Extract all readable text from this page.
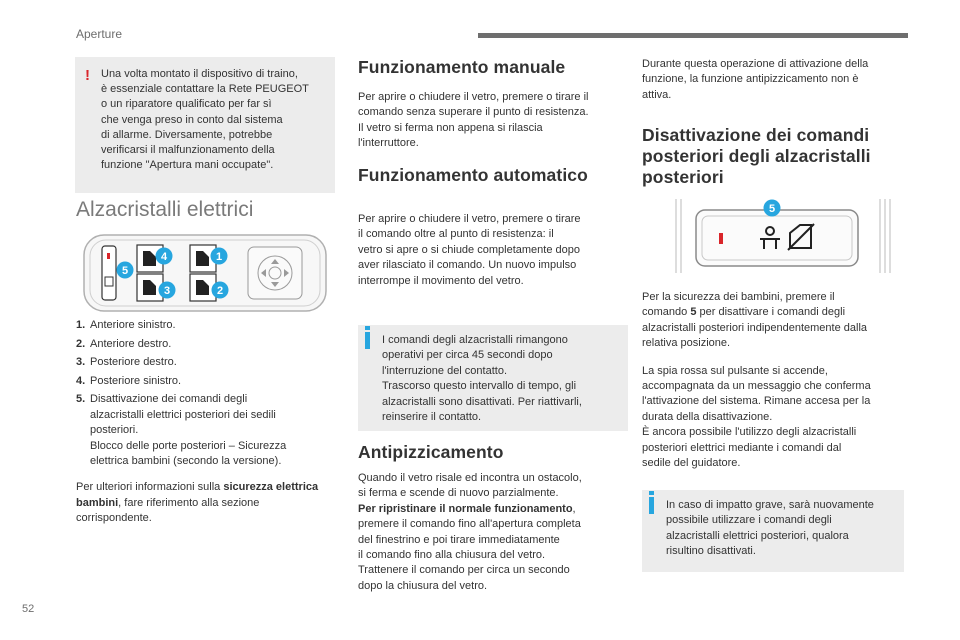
Aperture
! Una volta montato il dispositivo di traino,
è essenziale contattare la Rete PEUGEOT
o un riparatore qualificato per far sì
che venga preso in conto dal sistema
di allarme. Diversamente, potrebbe
verificarsi il malfunzionamento della
funzione "Apertura mani occupate".
Alzacristalli elettrici
5
4
3
1
2
1. Anteriore sinistro.
2. Anteriore destro.
3. Posteriore destro.
4. Posteriore sinistro.
5. Disattivazione dei comandi degli
alzacristalli elettrici posteriori dei sedili
posteriori.
Blocco delle porte posteriori – Sicurezza
elettrica bambini (secondo la versione).
Per ulteriori informazioni sulla sicurezza elettrica bambini, fare riferimento alla sezione corrispondente.
Funzionamento manuale
Per aprire o chiudere il vetro, premere o tirare il
comando senza superare il punto di resistenza.
Il vetro si ferma non appena si rilascia
l'interruttore.
Funzionamento automatico
Per aprire o chiudere il vetro, premere o tirare
il comando oltre al punto di resistenza: il
vetro si apre o si chiude completamente dopo
aver rilasciato il comando. Un nuovo impulso
interrompe il movimento del vetro.
I comandi degli alzacristalli rimangono
operativi per circa 45 secondi dopo
l'interruzione del contatto.
Trascorso questo intervallo di tempo, gli
alzacristalli sono disattivati. Per riattivarli,
reinserire il contatto.
Antipizzicamento
Quando il vetro risale ed incontra un ostacolo,
si ferma e scende di nuovo parzialmente.
Per ripristinare il normale funzionamento,
premere il comando fino all'apertura completa
del finestrino e poi tirare immediatamente
il comando fino alla chiusura del vetro.
Trattenere il comando per circa un secondo
dopo la chiusura del vetro.
Durante questa operazione di attivazione della
funzione, la funzione antipizzicamento non è
attiva.
Disattivazione dei comandi posteriori degli alzacristalli posteriori
5
Per la sicurezza dei bambini, premere il
comando 5 per disattivare i comandi degli
alzacristalli posteriori indipendentemente dalla
relativa posizione.
La spia rossa sul pulsante si accende,
accompagnata da un messaggio che conferma
l'attivazione del sistema. Rimane accesa per la
durata della disattivazione.
È ancora possibile l'utilizzo degli alzacristalli
posteriori elettrici mediante i comandi dal
sedile del guidatore.
In caso di impatto grave, sarà nuovamente
possibile utilizzare i comandi degli
alzacristalli elettrici posteriori, qualora
risultino disattivati.
52
